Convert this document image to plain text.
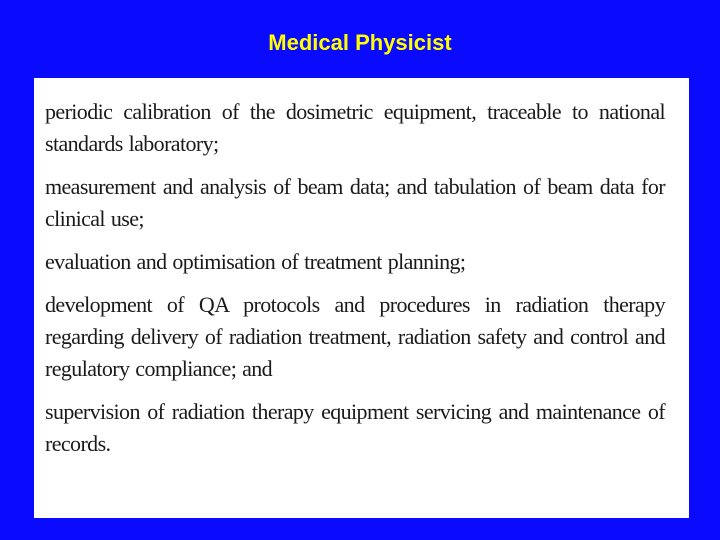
Medical Physicist
periodic calibration of the dosimetric equipment, traceable to national standards laboratory;
measurement and analysis of beam data; and tabulation of beam data for clinical use;
evaluation and optimisation of treatment planning;
development of QA protocols and procedures in radiation therapy regarding delivery of radiation treatment, radiation safety and control and regulatory compliance; and
supervision of radiation therapy equipment servicing and maintenance of records.
